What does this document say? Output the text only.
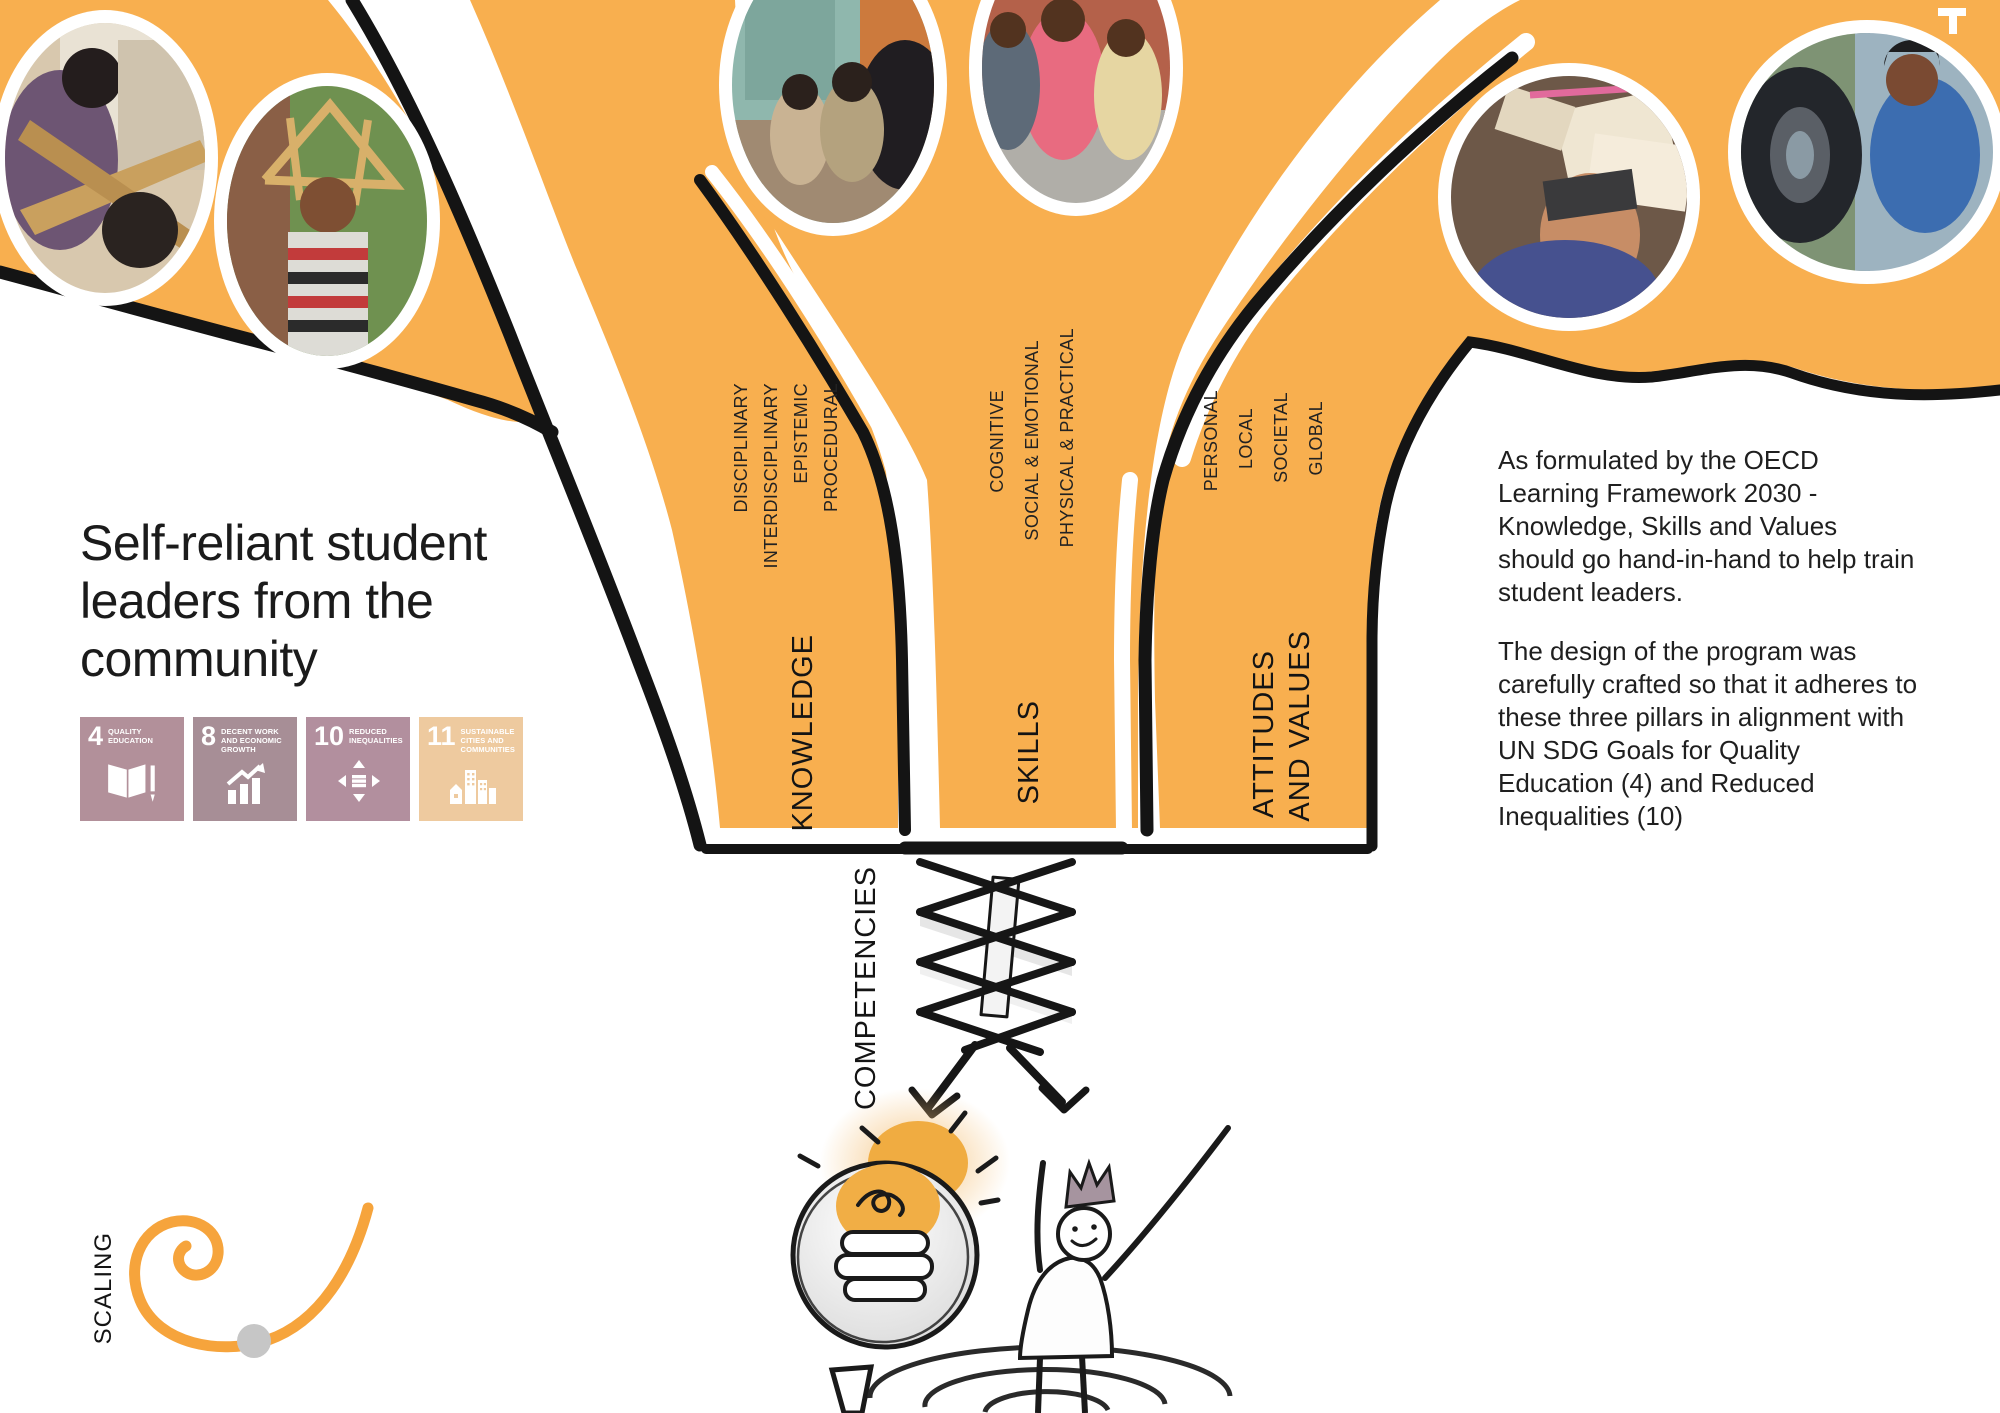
Self-reliant student leaders from the community
DISCIPLINARY INTERDISCIPLINARY EPISTEMIC PROCEDURAL	COGNITIVE SOCIAL & EMOTIONAL PHYSICAL & PRACTICAL	PERSONAL LOCAL SOCIETAL GLOBAL
KNOWLEDGE	SKILLS	ATTITUDES AND VALUES
COMPETENCIES
SCALING

As formulated by the OECD Learning Framework 2030 - Knowledge, Skills and Values should go hand-in-hand to help train student leaders.

The design of the program was carefully crafted so that it adheres to these three pillars in alignment with UN SDG Goals for Quality Education (4) and Reduced Inequalities (10)

4 QUALITY EDUCATION	8 DECENT WORK AND ECONOMIC GROWTH	10 REDUCED INEQUALITIES 11 SUSTAINABLE CITIES AND COMMUNITIES
